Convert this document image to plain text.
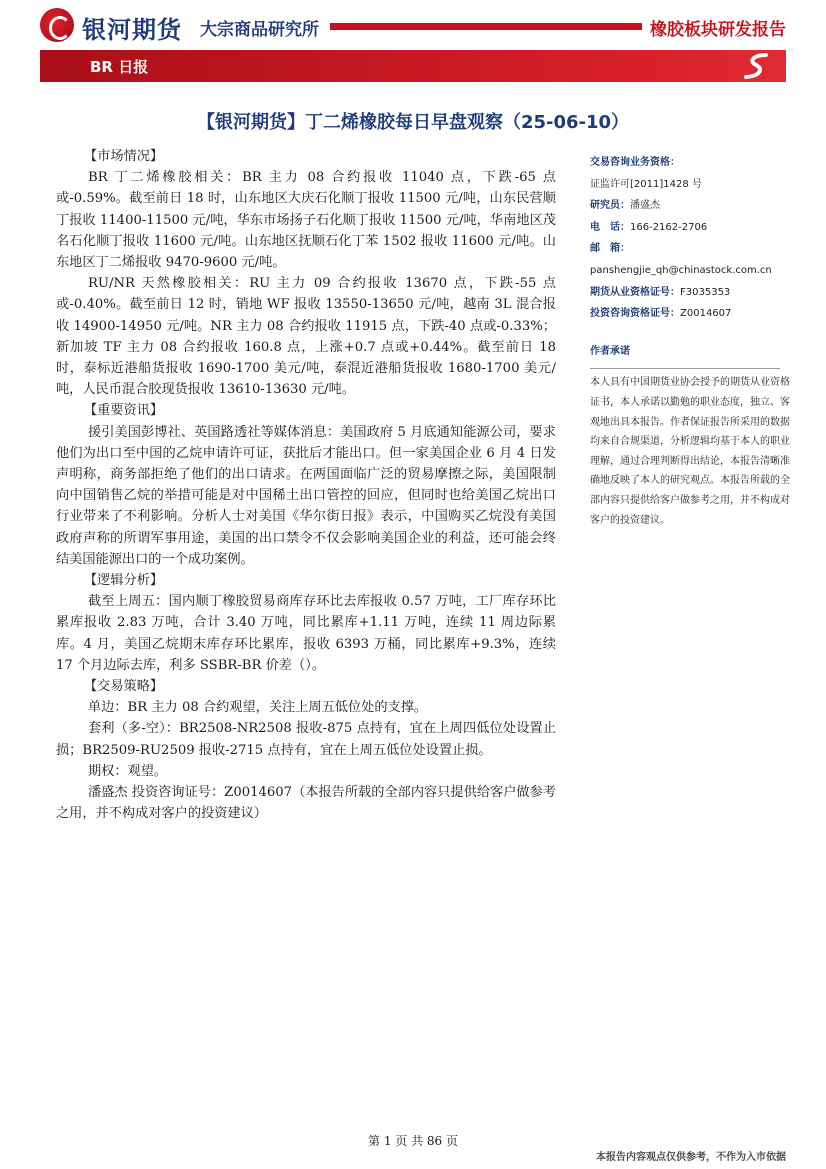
银河期货 大宗商品研究所	橡胶板块研发报告
BR 日报
【银河期货】丁二烯橡胶每日早盘观察（25-06-10）

【市场情况】

BR 丁二烯橡胶相关：BR 主力 08 合约报收 11040 点，下跌-65 点或-0.59%。截至前日 18 时，山东地区大庆石化顺丁报收 11500 元/吨，山东民营顺丁报收 11400-11500 元/吨，华东市场扬子石化顺丁报收 11500 元/吨，华南地区茂名石化顺丁报收 11600 元/吨。山东地区抚顺石化丁苯 1502 报收 11600 元/吨。山东地区丁二烯报收 9470-9600 元/吨。

RU/NR 天然橡胶相关：RU 主力 09 合约报收 13670 点，下跌-55 点或-0.40%。截至前日 12 时，销地 WF 报收 13550-13650 元/吨，越南 3L 混合报收 14900-14950 元/吨。NR 主力 08 合约报收 11915 点，下跌-40 点或-0.33%；新加坡 TF 主力 08 合约报收 160.8 点，上涨+0.7 点或+0.44%。截至前日 18 时，泰标近港船货报收 1690-1700 美元/吨，泰混近港船货报收 1680-1700 美元/吨，人民币混合胶现货报收 13610-13630 元/吨。

【重要资讯】

援引美国彭博社、英国路透社等媒体消息：美国政府 5 月底通知能源公司，要求他们为出口至中国的乙烷申请许可证，获批后才能出口。但一家美国企业 6 月 4 日发声明称，商务部拒绝了他们的出口请求。在两国面临广泛的贸易摩擦之际，美国限制向中国销售乙烷的举措可能是对中国稀土出口管控的回应，但同时也给美国乙烷出口行业带来了不利影响。分析人士对美国《华尔街日报》表示，中国购买乙烷没有美国政府声称的所谓军事用途，美国的出口禁令不仅会影响美国企业的利益，还可能会终结美国能源出口的一个成功案例。

【逻辑分析】

截至上周五：国内顺丁橡胶贸易商库存环比去库报收 0.57 万吨，工厂库存环比累库报收 2.83 万吨，合计 3.40 万吨，同比累库+1.11 万吨，连续 11 周边际累库。4 月，美国乙烷期末库存环比累库，报收 6393 万桶，同比累库+9.3%，连续 17 个月边际去库，利多 SSBR-BR 价差（）。

【交易策略】

单边：BR 主力 08 合约观望，关注上周五低位处的支撑。

套利（多-空）：BR2508-NR2508 报收-875 点持有，宜在上周四低位处设置止损；BR2509-RU2509 报收-2715 点持有，宜在上周五低位处设置止损。

期权：观望。

潘盛杰 投资咨询证号：Z0014607（本报告所载的全部内容只提供给客户做参考之用，并不构成对客户的投资建议）

交易咨询业务资格：
证监许可[2011]1428 号
研究员：潘盛杰
电　话：166-2162-2706
邮　箱：
panshengjie_qh@chinastock.com.cn
期货从业资格证号：F3035353
投资咨询资格证号：Z0014607
作者承诺
本人具有中国期货业协会授予的期货从业资格证书，本人承诺以勤勉的职业态度，独立、客观地出具本报告。作者保证报告所采用的数据均来自合规渠道，分析逻辑均基于本人的职业理解，通过合理判断得出结论，本报告清晰准确地反映了本人的研究观点。本报告所载的全部内容只提供给客户做参考之用，并不构成对客户的投资建议。
第 1 页 共 86 页
本报告内容观点仅供参考，不作为入市依据
